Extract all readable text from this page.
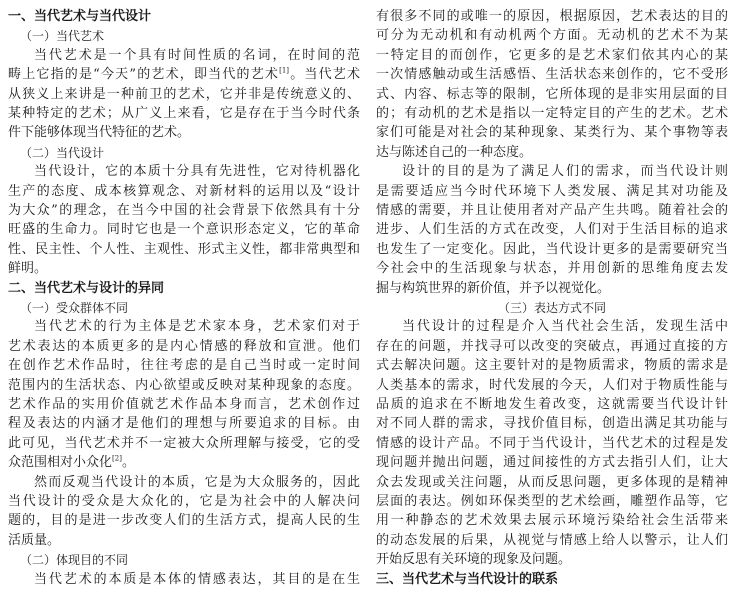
一、当代艺术与当代设计
（一）当代艺术
当代艺术是一个具有时间性质的名词，在时间的范
畴上它指的是“今天”的艺术，即当代的艺术[1]。当代艺术
从狭义上来讲是一种前卫的艺术，它并非是传统意义的、
某种特定的艺术；从广义上来看，它是存在于当今时代条
件下能够体现当代特征的艺术。
（二）当代设计
当代设计，它的本质十分具有先进性，它对待机器化
生产的态度、成本核算观念、对新材料的运用以及“设计
为大众”的理念，在当今中国的社会背景下依然具有十分
旺盛的生命力。同时它也是一个意识形态定义，它的革命
性、民主性、个人性、主观性、形式主义性，都非常典型和
鲜明。
二、当代艺术与设计的异同
（一）受众群体不同
当代艺术的行为主体是艺术家本身，艺术家们对于
艺术表达的本质更多的是内心情感的释放和宣泄。他们
在创作艺术作品时，往往考虑的是自己当时或一定时间
范围内的生活状态、内心欲望或反映对某种现象的态度。
艺术作品的实用价值就艺术作品本身而言，艺术创作过
程及表达的内涵才是他们的理想与所要追求的目标。由
此可见，当代艺术并不一定被大众所理解与接受，它的受
众范围相对小众化[2]。
然而反观当代设计的本质，它是为大众服务的，因此
当代设计的受众是大众化的，它是为社会中的人解决问
题的，目的是进一步改变人们的生活方式，提高人民的生
活质量。
（二）体现目的不同
当代艺术的本质是本体的情感表达，其目的是在生
有很多不同的或唯一的原因，根据原因，艺术表达的目的
可分为无动机和有动机两个方面。无动机的艺术不为某
一特定目的而创作，它更多的是艺术家们依其内心的某
一次情感触动或生活感悟、生活状态来创作的，它不受形
式、内容、标志等的限制，它所体现的是非实用层面的目
的；有动机的艺术是指以一定特定目的产生的艺术。艺术
家们可能是对社会的某种现象、某类行为、某个事物等表
达与陈述自己的一种态度。
设计的目的是为了满足人们的需求，而当代设计则
是需要适应当今时代环境下人类发展、满足其对功能及
情感的需要，并且让使用者对产品产生共鸣。随着社会的
进步、人们生活的方式在改变，人们对于生活目标的追求
也发生了一定变化。因此，当代设计更多的是需要研究当
今社会中的生活现象与状态，并用创新的思维角度去发
掘与构筑世界的新价值，并予以视觉化。
（三）表达方式不同
当代设计的过程是介入当代社会生活，发现生活中
存在的问题，并找寻可以改变的突破点，再通过直接的方
式去解决问题。这主要针对的是物质需求，物质的需求是
人类基本的需求，时代发展的今天，人们对于物质性能与
品质的追求在不断地发生着改变，这就需要当代设计针
对不同人群的需求，寻找价值目标，创造出满足其功能与
情感的设计产品。不同于当代设计，当代艺术的过程是发
现问题并抛出问题，通过间接性的方式去指引人们，让大
众去发现或关注问题，从而反思问题，更多体现的是精神
层面的表达。例如环保类型的艺术绘画，雕塑作品等，它
用一种静态的艺术效果去展示环境污染给社会生活带来
的动态发展的后果，从视觉与情感上给人以警示，让人们
开始反思有关环境的现象及问题。
三、当代艺术与当代设计的联系
